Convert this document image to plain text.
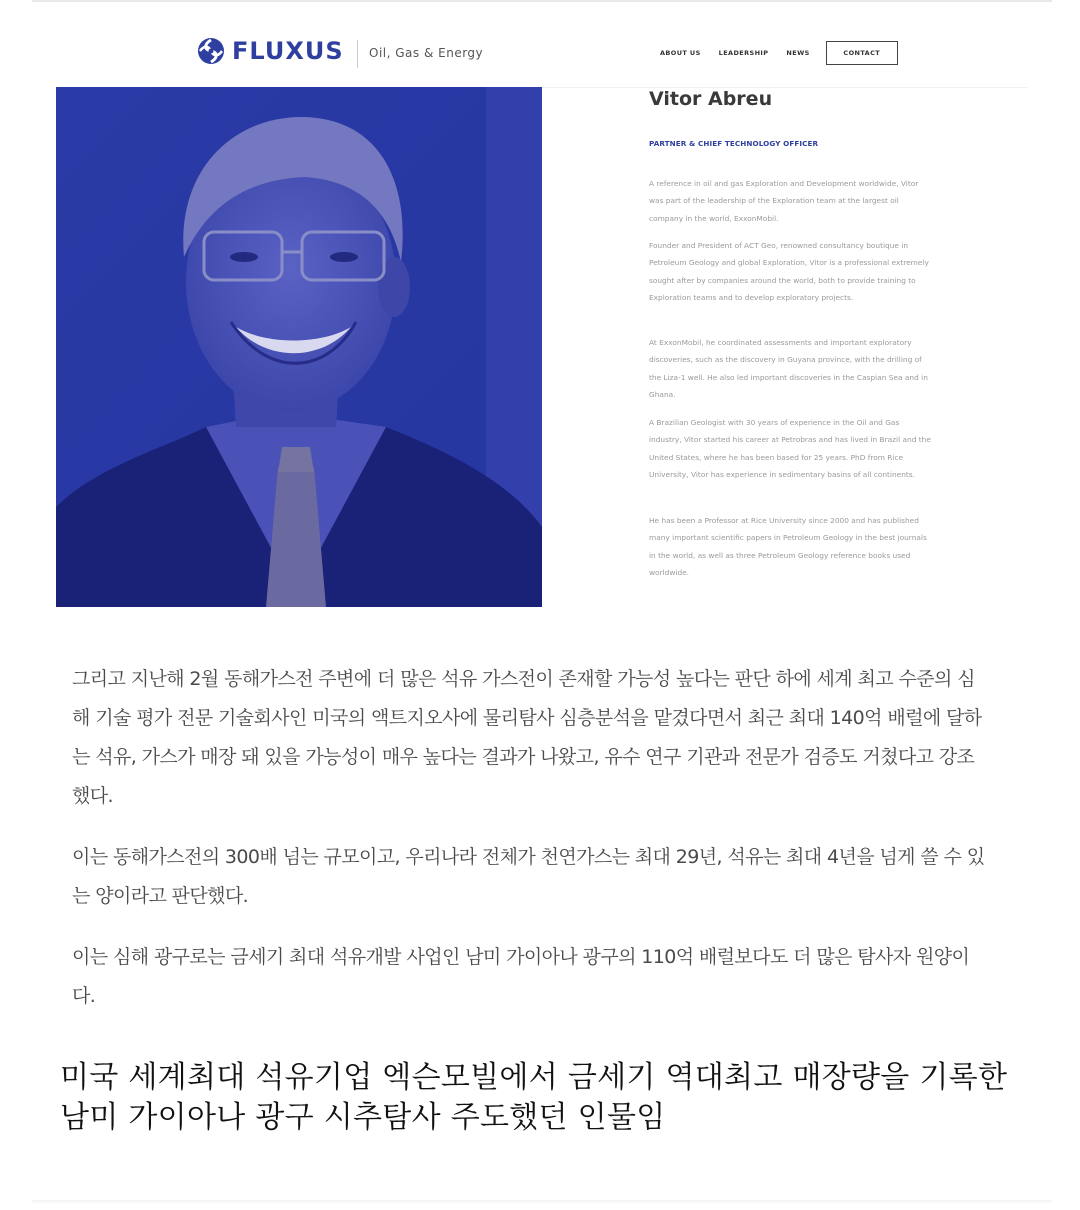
FLUXUS Oil, Gas & Energy	ABOUT US	LEADERSHIP	NEWS	CONTACT
Vitor Abreu
PARTNER & CHIEF TECHNOLOGY OFFICER

A reference in oil and gas Exploration and Development worldwide, Vitor was part of the leadership of the Exploration team at the largest oil company in the world, ExxonMobil.

Founder and President of ACT Geo, renowned consultancy boutique in Petroleum Geology and global Exploration, Vitor is a professional extremely sought after by companies around the world, both to provide training to Exploration teams and to develop exploratory projects.

At ExxonMobil, he coordinated assessments and important exploratory discoveries, such as the discovery in Guyana province, with the drilling of the Liza-1 well. He also led important discoveries in the Caspian Sea and in Ghana.

A Brazilian Geologist with 30 years of experience in the Oil and Gas industry, Vitor started his career at Petrobras and has lived in Brazil and the United States, where he has been based for 25 years. PhD from Rice University, Vitor has experience in sedimentary basins of all continents.

He has been a Professor at Rice University since 2000 and has published many important scientific papers in Petroleum Geology in the best journals in the world, as well as three Petroleum Geology reference books used worldwide.

그리고 지난해 2월 동해가스전 주변에 더 많은 석유 가스전이 존재할 가능성 높다는 판단 하에 세계 최고 수준의 심해 기술 평가 전문 기술회사인 미국의 액트지오사에 물리탐사 심층분석을 맡겼다면서 최근 최대 140억 배럴에 달하는 석유, 가스가 매장 돼 있을 가능성이 매우 높다는 결과가 나왔고, 유수 연구 기관과 전문가 검증도 거쳤다고 강조했다.

이는 동해가스전의 300배 넘는 규모이고, 우리나라 전체가 천연가스는 최대 29년, 석유는 최대 4년을 넘게 쓸 수 있는 양이라고 판단했다.

이는 심해 광구로는 금세기 최대 석유개발 사업인 남미 가이아나 광구의 110억 배럴보다도 더 많은 탐사자 원양이다.

미국 세계최대 석유기업 엑슨모빌에서 금세기 역대최고 매장량을 기록한 남미 가이아나 광구 시추탐사 주도했던 인물임
